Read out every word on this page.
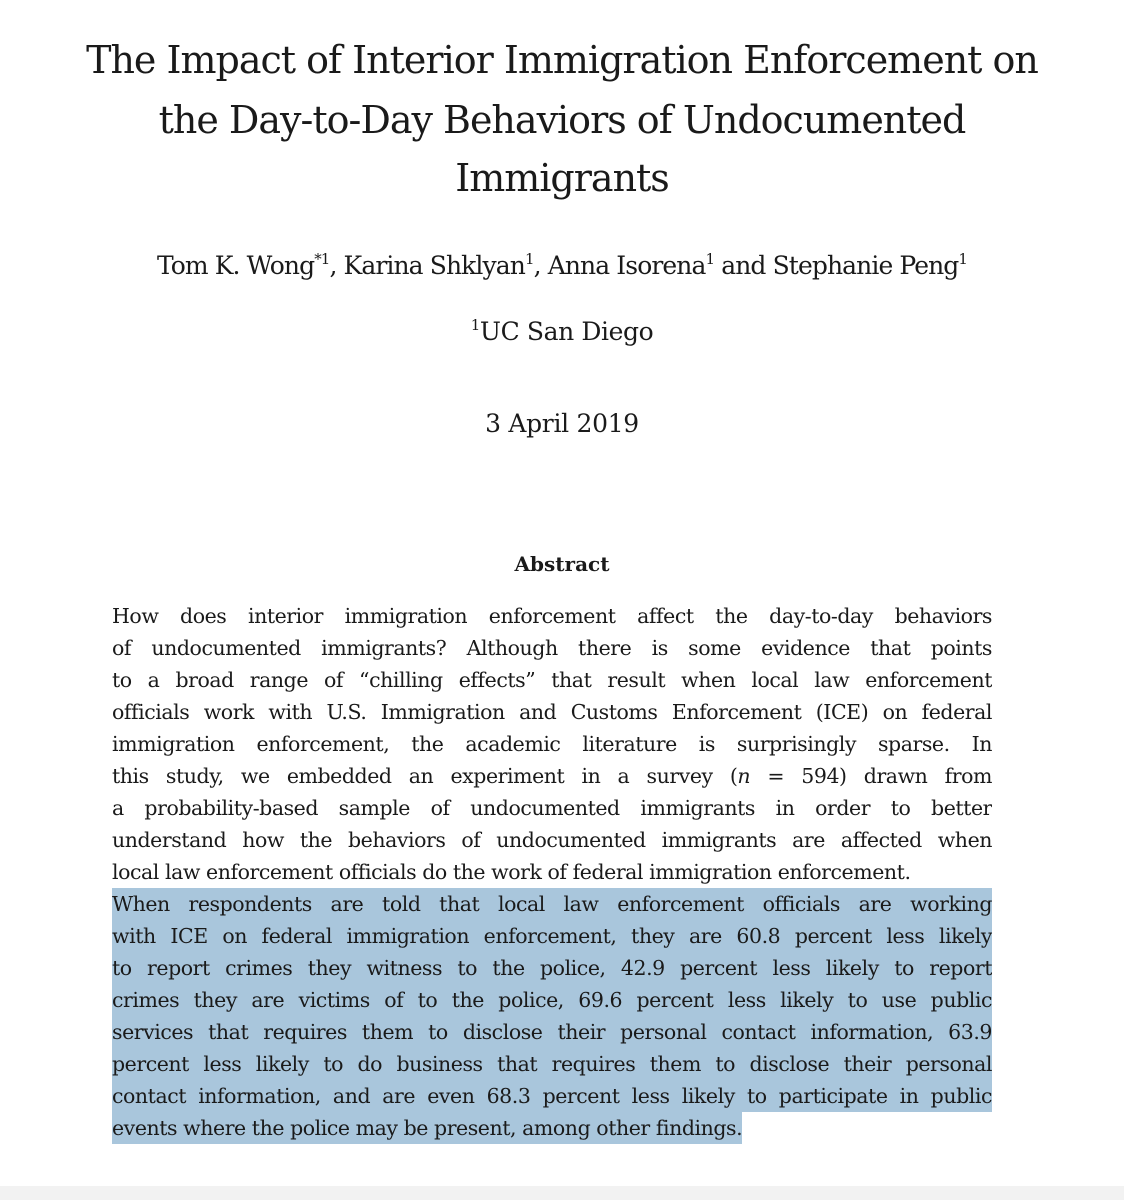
The Impact of Interior Immigration Enforcement on
the Day-to-Day Behaviors of Undocumented
Immigrants
Tom K. Wong$^{*1}$, Karina Shklyan$^1$, Anna Isorena$^1$ and Stephanie Peng$^1$
$^1$UC San Diego
3 April 2019
Abstract
How does interior immigration enforcement affect the day-to-day behaviors
of undocumented immigrants? Although there is some evidence that points
to a broad range of “chilling effects” that result when local law enforcement
officials work with U.S. Immigration and Customs Enforcement (ICE) on federal
immigration enforcement, the academic literature is surprisingly sparse. In
this study, we embedded an experiment in a survey (n = 594) drawn from
a probability-based sample of undocumented immigrants in order to better
understand how the behaviors of undocumented immigrants are affected when
local law enforcement officials do the work of federal immigration enforcement.
When respondents are told that local law enforcement officials are working
with ICE on federal immigration enforcement, they are 60.8 percent less likely
to report crimes they witness to the police, 42.9 percent less likely to report
crimes they are victims of to the police, 69.6 percent less likely to use public
services that requires them to disclose their personal contact information, 63.9
percent less likely to do business that requires them to disclose their personal
contact information, and are even 68.3 percent less likely to participate in public
events where the police may be present, among other findings.
